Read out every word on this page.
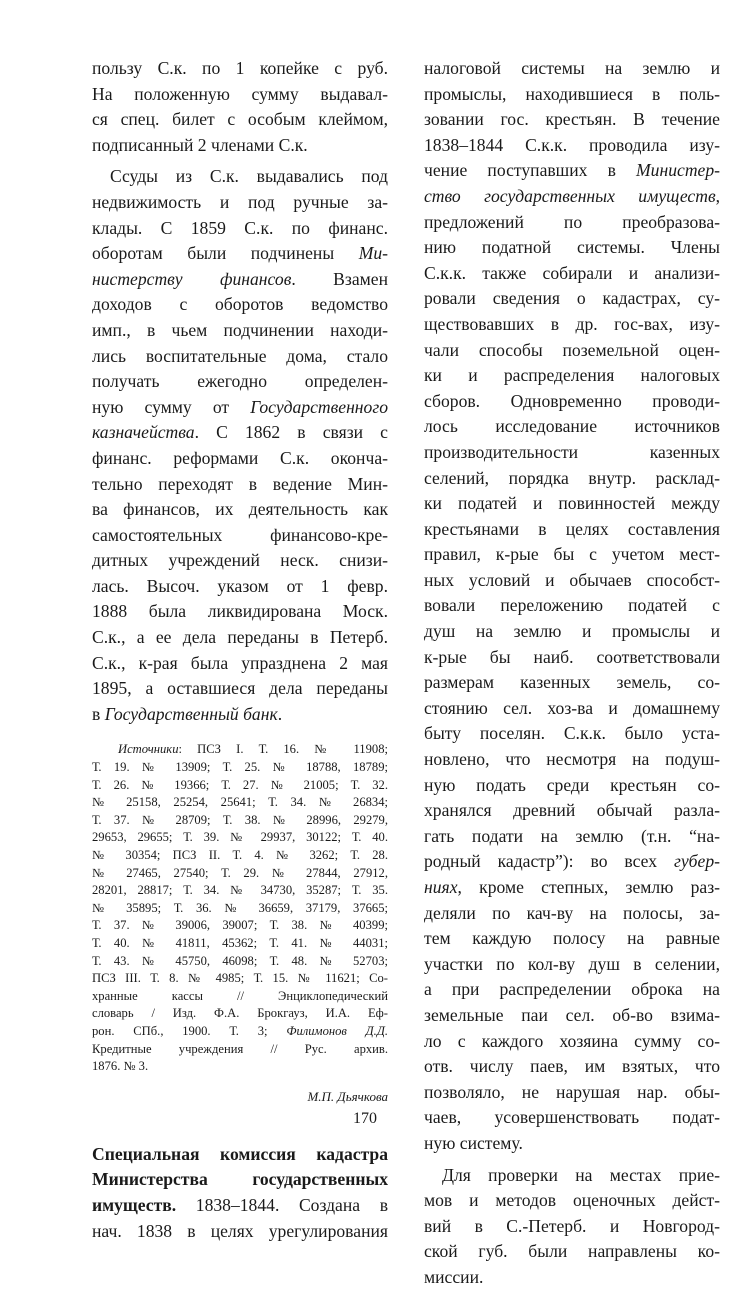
пользу С.к. по 1 копейке с руб.
На положенную сумму выдавал-
ся спец. билет с особым клеймом,
подписанный 2 членами С.к.
Ссуды из С.к. выдавались под
недвижимость и под ручные за-
клады. С 1859 С.к. по финанс.
оборотам были подчинены Ми-
нистерству финансов. Взамен
доходов с оборотов ведомство
имп., в чьем подчинении находи-
лись воспитательные дома, стало
получать ежегодно определен-
ную сумму от Государственного
казначейства. С 1862 в связи с
финанс. реформами С.к. оконча-
тельно переходят в ведение Мин-
ва финансов, их деятельность как
самостоятельных финансово-кре-
дитных учреждений неск. снизи-
лась. Высоч. указом от 1 февр.
1888 была ликвидирована Моск.
С.к., а ее дела переданы в Петерб.
С.к., к-рая была упразднена 2 мая
1895, а оставшиеся дела переданы
в Государственный банк.
Источники: ПСЗ I. Т. 16. № 11908;
Т. 19. № 13909; Т. 25. № 18788, 18789;
Т. 26. № 19366; Т. 27. № 21005; Т. 32.
№ 25158, 25254, 25641; Т. 34. № 26834;
Т. 37. № 28709; Т. 38. № 28996, 29279,
29653, 29655; Т. 39. № 29937, 30122; Т. 40.
№ 30354; ПСЗ II. Т. 4. № 3262; Т. 28.
№ 27465, 27540; Т. 29. № 27844, 27912,
28201, 28817; Т. 34. № 34730, 35287; Т. 35.
№ 35895; Т. 36. № 36659, 37179, 37665;
Т. 37. № 39006, 39007; Т. 38. № 40399;
Т. 40. № 41811, 45362; Т. 41. № 44031;
Т. 43. № 45750, 46098; Т. 48. № 52703;
ПСЗ III. Т. 8. № 4985; Т. 15. № 11621; Со-
хранные кассы // Энциклопедический
словарь / Изд. Ф.А. Брокгауз, И.А. Еф-
рон. СПб., 1900. Т. 3; Филимонов Д.Д.
Кредитные учреждения // Рус. архив.
1876. № 3.
М.П. Дьячкова
Специальная комиссия кадастра
Министерства государственных
имуществ. 1838–1844. Создана в
нач. 1838 в целях урегулирования
налоговой системы на землю и
промыслы, находившиеся в поль-
зовании гос. крестьян. В течение
1838–1844 С.к.к. проводила изу-
чение поступавших в Министер-
ство государственных имуществ,
предложений по преобразова-
нию податной системы. Члены
С.к.к. также собирали и анализи-
ровали сведения о кадастрах, су-
ществовавших в др. гос-вах, изу-
чали способы поземельной оцен-
ки и распределения налоговых
сборов. Одновременно проводи-
лось исследование источников
производительности казенных
селений, порядка внутр. расклад-
ки податей и повинностей между
крестьянами в целях составления
правил, к-рые бы с учетом мест-
ных условий и обычаев способст-
вовали переложению податей с
душ на землю и промыслы и
к-рые бы наиб. соответствовали
размерам казенных земель, со-
стоянию сел. хоз-ва и домашнему
быту поселян. С.к.к. было уста-
новлено, что несмотря на подуш-
ную подать среди крестьян со-
хранялся древний обычай разла-
гать подати на землю (т.н. “на-
родный кадастр”): во всех губер-
ниях, кроме степных, землю раз-
деляли по кач-ву на полосы, за-
тем каждую полосу на равные
участки по кол-ву душ в селении,
а при распределении оброка на
земельные паи сел. об-во взима-
ло с каждого хозяина сумму со-
отв. числу паев, им взятых, что
позволяло, не нарушая нар. обы-
чаев, усовершенствовать подат-
ную систему.
Для проверки на местах прие-
мов и методов оценочных дейст-
вий в С.-Петерб. и Новгород-
ской губ. были направлены ко-
миссии.
170
